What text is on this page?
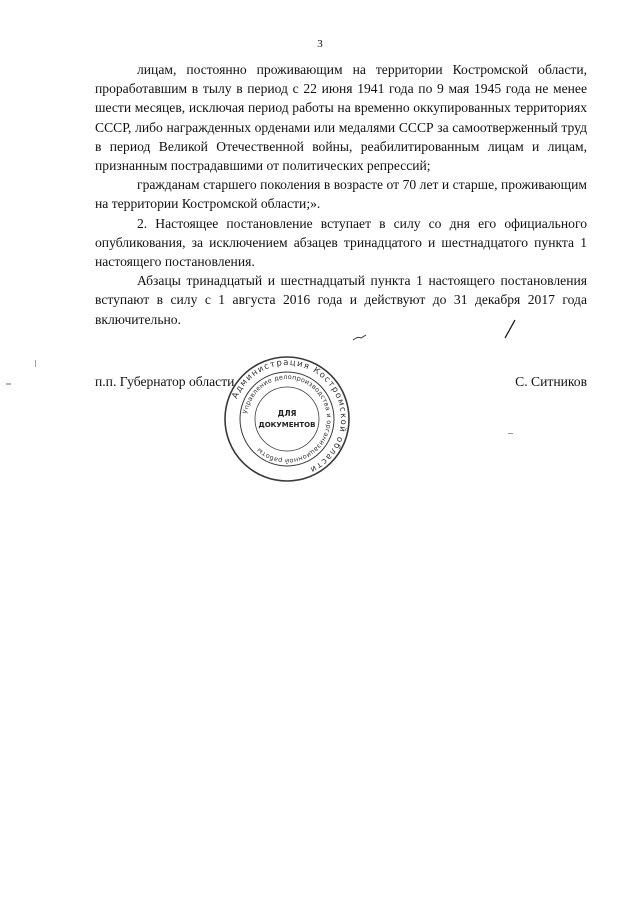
3

лицам, постоянно проживающим на территории Костромской области, проработавшим в тылу в период с 22 июня 1941 года по 9 мая 1945 года не менее шести месяцев, исключая период работы на временно оккупированных территориях СССР, либо награжденных орденами или медалями СССР за самоотверженный труд в период Великой Отечественной войны, реабилитированным лицам и лицам, признанным пострадавшими от политических репрессий;

гражданам старшего поколения в возрасте от 70 лет и старше, проживающим на территории Костромской области;».

2. Настоящее постановление вступает в силу со дня его официального опубликования, за исключением абзацев тринадцатого и шестнадцатого пункта 1 настоящего постановления.

Абзацы тринадцатый и шестнадцатый пункта 1 настоящего постановления вступают в силу с 1 августа 2016 года и действуют до 31 декабря 2017 года включительно.

п.п. Губернатор области	С. Ситников
Администрация Костромской области
Управление делопроизводства и организационной работы
ДЛЯ
ДОКУМЕНТОВ
